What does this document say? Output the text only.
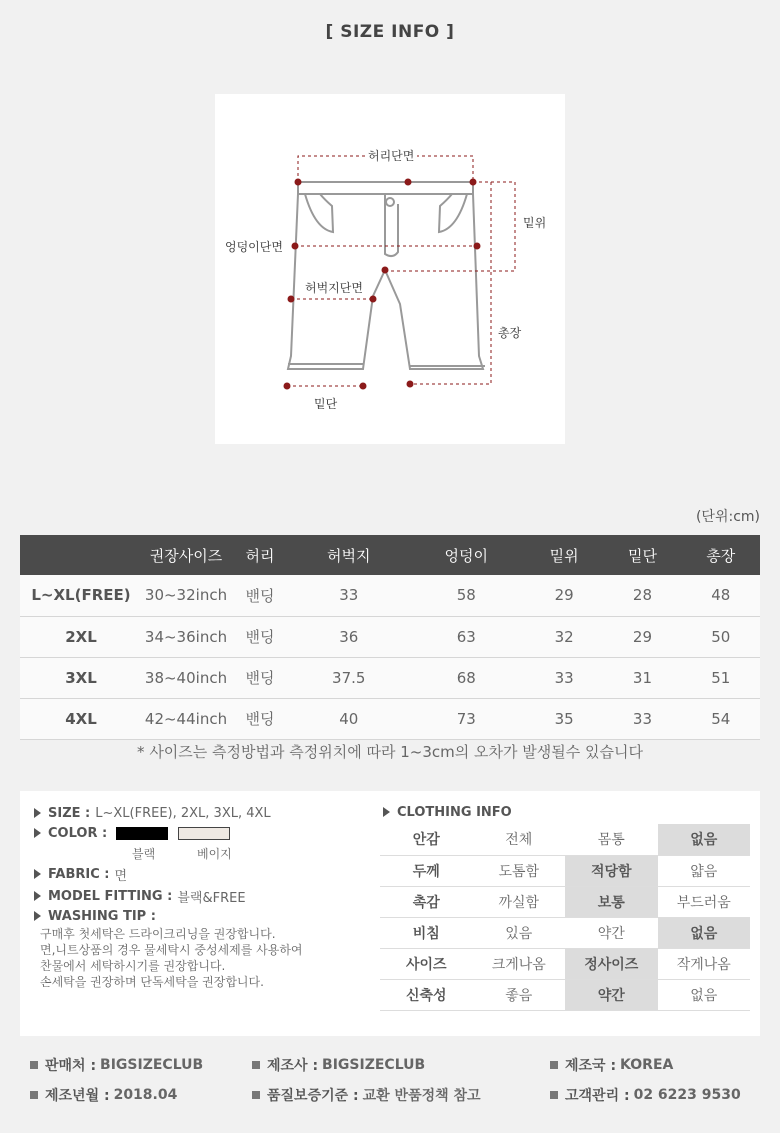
[ SIZE INFO ]
허리단면
밑위
엉덩이단면
허벅지단면
총장
밑단
(단위:cm)
	권장사이즈	허리	허벅지	엉덩이	밑위	밑단	총장
L~XL(FREE)	30~32inch	밴딩	33	58	29	28	48
2XL	34~36inch	밴딩	36	63	32	29	50
3XL	38~40inch	밴딩	37.5	68	33	31	51
4XL	42~44inch	밴딩	40	73	35	33	54
* 사이즈는 측정방법과 측정위치에 따라 1~3cm의 오차가 발생될수 있습니다
SIZE : L~XL(FREE), 2XL, 3XL, 4XL
COLOR :
블랙	베이지
FABRIC : 면
MODEL FITTING : 블랙&FREE
WASHING TIP :
구매후 첫세탁은 드라이크리닝을 권장합니다.
면,니트상품의 경우 물세탁시 중성세제를 사용하여
찬물에서 세탁하시기를 권장합니다.
손세탁을 권장하며 단독세탁을 권장합니다.
CLOTHING INFO
안감	전체	몸통	없음
두께	도톰함	적당함	얇음
촉감	까실함	보통	부드러움
비침	있음	약간	없음
사이즈	크게나옴	정사이즈	작게나옴
신축성	좋음	약간	없음
판매처 : BIGSIZECLUB	제조사 : BIGSIZECLUB	제조국 : KOREA
제조년월 : 2018.04	품질보증기준 : 교환 반품정책 참고	고객관리 : 02 6223 9530
